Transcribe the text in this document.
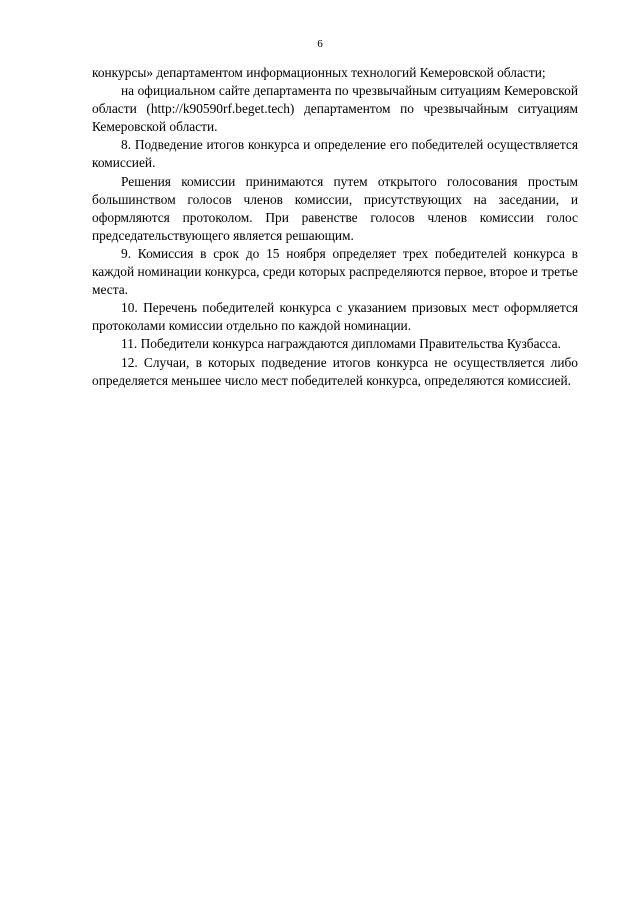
6

конкурсы» департаментом информационных технологий Кемеровской области;

на официальном сайте департамента по чрезвычайным ситуациям Кемеровской области (http://k90590rf.beget.tech) департаментом по чрезвычайным ситуациям Кемеровской области.

8. Подведение итогов конкурса и определение его победителей осуществляется комиссией.

Решения комиссии принимаются путем открытого голосования простым большинством голосов членов комиссии, присутствующих на заседании, и оформляются протоколом. При равенстве голосов членов комиссии голос председательствующего является решающим.

9. Комиссия в срок до 15 ноября определяет трех победителей конкурса в каждой номинации конкурса, среди которых распределяются первое, второе и третье места.

10. Перечень победителей конкурса с указанием призовых мест оформляется протоколами комиссии отдельно по каждой номинации.

11. Победители конкурса награждаются дипломами Правительства Кузбасса.

12. Случаи, в которых подведение итогов конкурса не осуществляется либо определяется меньшее число мест победителей конкурса, определяются комиссией.
